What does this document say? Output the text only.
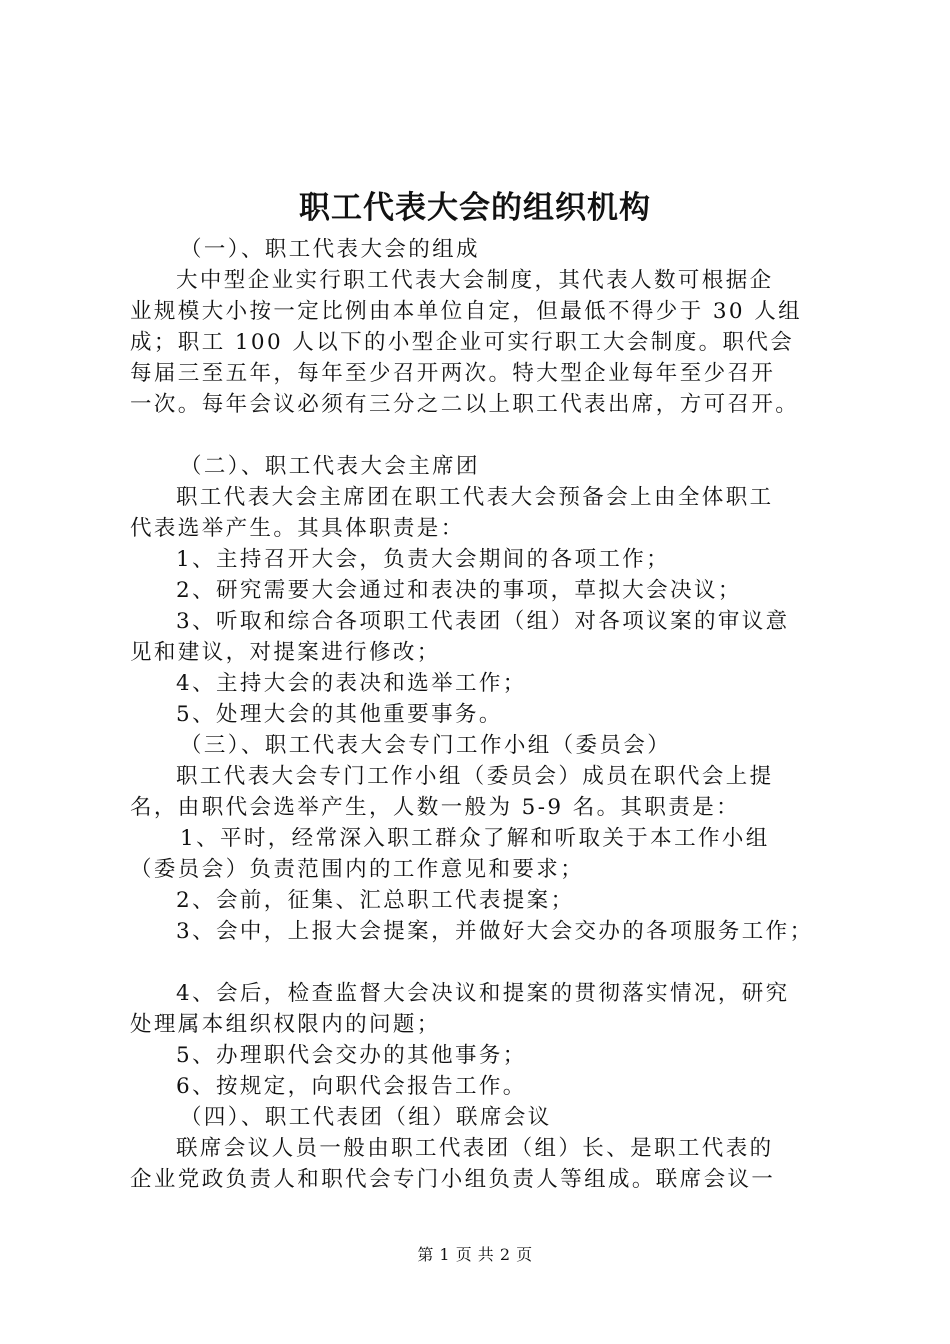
职工代表大会的组织机构

（一）、职工代表大会的组成

大中型企业实行职工代表大会制度，其代表人数可根据企

业规模大小按一定比例由本单位自定，但最低不得少于 30 人组

成；职工 100 人以下的小型企业可实行职工大会制度。职代会

每届三至五年，每年至少召开两次。特大型企业每年至少召开

一次。每年会议必须有三分之二以上职工代表出席，方可召开。

（二）、职工代表大会主席团

职工代表大会主席团在职工代表大会预备会上由全体职工

代表选举产生。其具体职责是：

1、主持召开大会，负责大会期间的各项工作；

2、研究需要大会通过和表决的事项，草拟大会决议；

3、听取和综合各项职工代表团（组）对各项议案的审议意

见和建议，对提案进行修改；

4、主持大会的表决和选举工作；

5、处理大会的其他重要事务。

（三）、职工代表大会专门工作小组（委员会）

职工代表大会专门工作小组（委员会）成员在职代会上提

名，由职代会选举产生，人数一般为 5-9 名。其职责是：

1、平时，经常深入职工群众了解和听取关于本工作小组

（委员会）负责范围内的工作意见和要求；

2、会前，征集、汇总职工代表提案；

3、会中，上报大会提案，并做好大会交办的各项服务工作；

4、会后，检查监督大会决议和提案的贯彻落实情况，研究

处理属本组织权限内的问题；

5、办理职代会交办的其他事务；

6、按规定，向职代会报告工作。

（四）、职工代表团（组）联席会议

联席会议人员一般由职工代表团（组）长、是职工代表的

企业党政负责人和职代会专门小组负责人等组成。联席会议一

第 1 页 共 2 页
